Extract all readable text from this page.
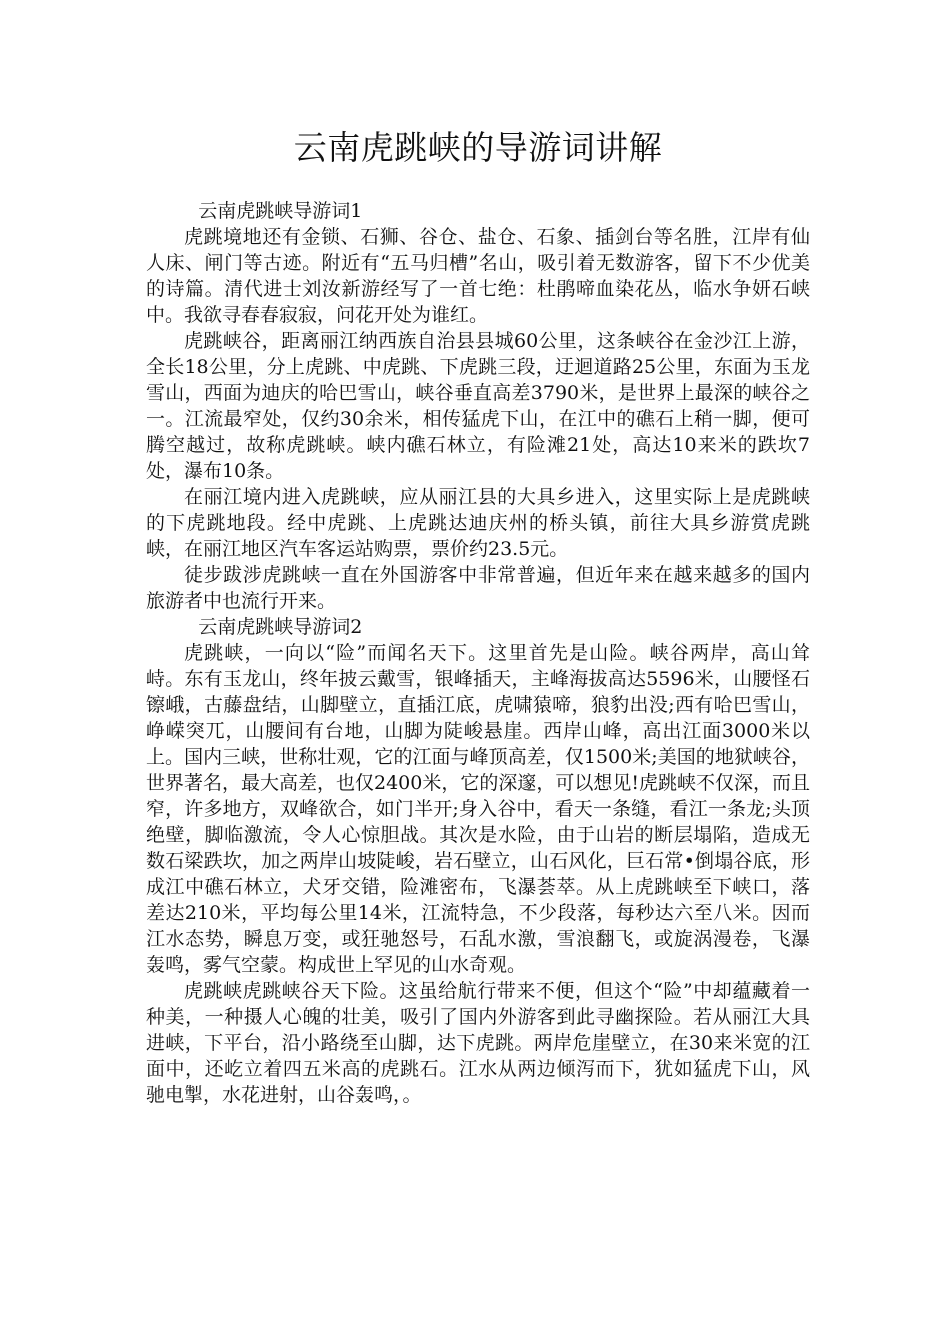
云南虎跳峡的导游词讲解

云南虎跳峡导游词1

虎跳境地还有金锁、石狮、谷仓、盐仓、石象、插剑台等名胜，江岸有仙人床、闸门等古迹。附近有“五马归槽”名山，吸引着无数游客，留下不少优美的诗篇。清代进士刘汝新游经写了一首七绝：杜鹃啼血染花丛，临水争妍石峡中。我欲寻春春寂寂，问花开处为谁红。

虎跳峡谷，距离丽江纳西族自治县县城60公里，这条峡谷在金沙江上游，全长18公里，分上虎跳、中虎跳、下虎跳三段，迂迴道路25公里，东面为玉龙雪山，西面为迪庆的哈巴雪山，峡谷垂直高差3790米，是世界上最深的峡谷之一。江流最窄处，仅约30余米，相传猛虎下山，在江中的礁石上稍一脚，便可腾空越过，故称虎跳峡。峡内礁石林立，有险滩21处，高达10来米的跌坎7处，瀑布10条。

在丽江境内进入虎跳峡，应从丽江县的大具乡进入，这里实际上是虎跳峡的下虎跳地段。经中虎跳、上虎跳达迪庆州的桥头镇，前往大具乡游赏虎跳峡，在丽江地区汽车客运站购票，票价约23.5元。

徒步跋涉虎跳峡一直在外国游客中非常普遍，但近年来在越来越多的国内旅游者中也流行开来。

云南虎跳峡导游词2

虎跳峡，一向以“险”而闻名天下。这里首先是山险。峡谷两岸，高山耸峙。东有玉龙山，终年披云戴雪，银峰插天，主峰海拔高达5596米，山腰怪石镲峨，古藤盘结，山脚壁立，直插江底，虎啸猿啼，狼豹出没;西有哈巴雪山，峥嵘突兀，山腰间有台地，山脚为陡峻悬崖。西岸山峰，高出江面3000米以上。国内三峡，世称壮观，它的江面与峰顶高差，仅1500米;美国的地狱峡谷，世界著名，最大高差，也仅2400米，它的深邃，可以想见!虎跳峡不仅深，而且窄，许多地方，双峰欲合，如门半开;身入谷中，看天一条缝，看江一条龙;头顶绝壁，脚临激流，令人心惊胆战。其次是水险，由于山岩的断层塌陷，造成无数石梁跌坎，加之两岸山坡陡峻，岩石壁立，山石风化，巨石常•倒塌谷底，形成江中礁石林立，犬牙交错，险滩密布，飞瀑荟萃。从上虎跳峡至下峡口，落差达210米，平均每公里14米，江流特急，不少段落，每秒达六至八米。因而江水态势，瞬息万变，或狂驰怒号，石乱水激，雪浪翻飞，或旋涡漫卷，飞瀑轰鸣，雾气空蒙。构成世上罕见的山水奇观。

虎跳峡虎跳峡谷天下险。这虽给航行带来不便，但这个“险”中却蕴藏着一种美，一种摄人心魄的壮美，吸引了国内外游客到此寻幽探险。若从丽江大具进峡，下平台，沿小路绕至山脚，达下虎跳。两岸危崖壁立，在30来米宽的江面中，还屹立着四五米高的虎跳石。江水从两边倾泻而下，犹如猛虎下山，风驰电掣，水花进射，山谷轰鸣，。
